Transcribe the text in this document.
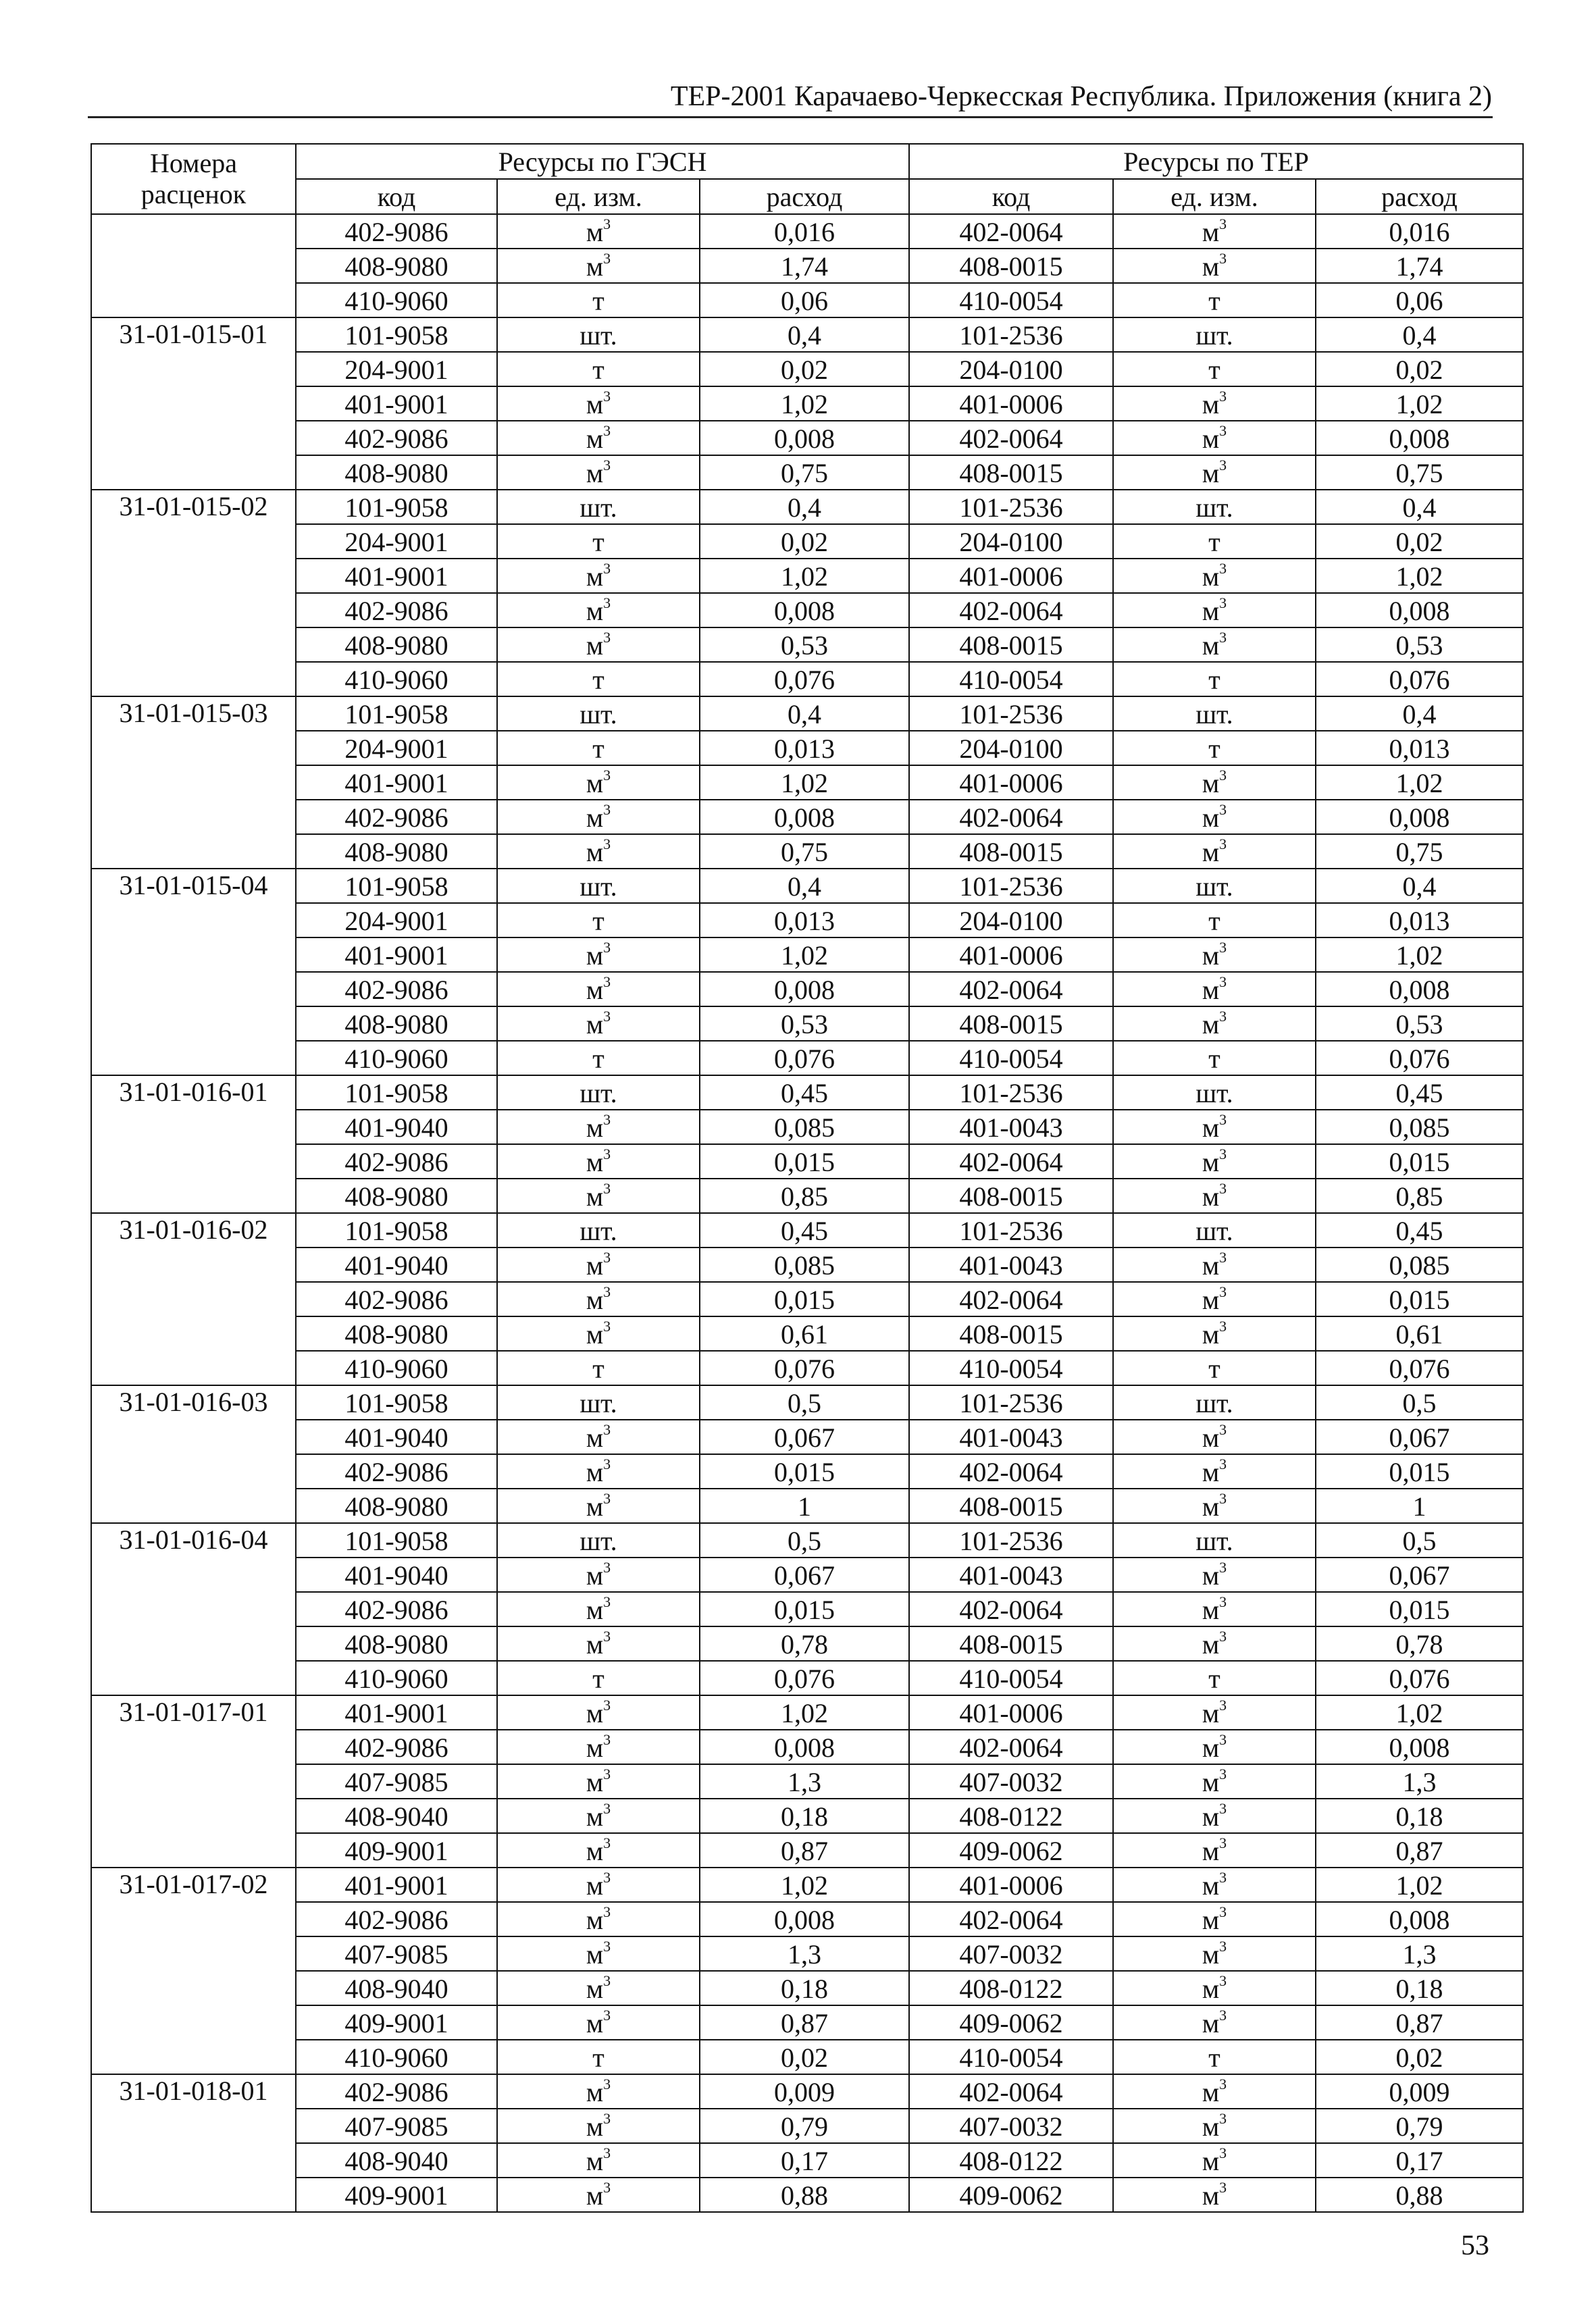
ТЕР-2001 Карачаево-Черкесская Республика. Приложения (книга 2)
Номера
расценок	Ресурсы по ГЭСН			Ресурсы по ТЕР		
	код	ед. изм.	расход	код	ед. изм.	расход
	402-9086	$м^3$	0,016	402-0064	$м^3$	0,016
	408-9080	$м^3$	1,74	408-0015	$м^3$	1,74
	410-9060	т	0,06	410-0054	т	0,06
31-01-015-01	101-9058	шт.	0,4	101-2536	шт.	0,4
	204-9001	т	0,02	204-0100	т	0,02
	401-9001	$м^3$	1,02	401-0006	$м^3$	1,02
	402-9086	$м^3$	0,008	402-0064	$м^3$	0,008
	408-9080	$м^3$	0,75	408-0015	$м^3$	0,75
31-01-015-02	101-9058	шт.	0,4	101-2536	шт.	0,4
	204-9001	т	0,02	204-0100	т	0,02
	401-9001	$м^3$	1,02	401-0006	$м^3$	1,02
	402-9086	$м^3$	0,008	402-0064	$м^3$	0,008
	408-9080	$м^3$	0,53	408-0015	$м^3$	0,53
	410-9060	т	0,076	410-0054	т	0,076
31-01-015-03	101-9058	шт.	0,4	101-2536	шт.	0,4
	204-9001	т	0,013	204-0100	т	0,013
	401-9001	$м^3$	1,02	401-0006	$м^3$	1,02
	402-9086	$м^3$	0,008	402-0064	$м^3$	0,008
	408-9080	$м^3$	0,75	408-0015	$м^3$	0,75
31-01-015-04	101-9058	шт.	0,4	101-2536	шт.	0,4
	204-9001	т	0,013	204-0100	т	0,013
	401-9001	$м^3$	1,02	401-0006	$м^3$	1,02
	402-9086	$м^3$	0,008	402-0064	$м^3$	0,008
	408-9080	$м^3$	0,53	408-0015	$м^3$	0,53
	410-9060	т	0,076	410-0054	т	0,076
31-01-016-01	101-9058	шт.	0,45	101-2536	шт.	0,45
	401-9040	$м^3$	0,085	401-0043	$м^3$	0,085
	402-9086	$м^3$	0,015	402-0064	$м^3$	0,015
	408-9080	$м^3$	0,85	408-0015	$м^3$	0,85
31-01-016-02	101-9058	шт.	0,45	101-2536	шт.	0,45
	401-9040	$м^3$	0,085	401-0043	$м^3$	0,085
	402-9086	$м^3$	0,015	402-0064	$м^3$	0,015
	408-9080	$м^3$	0,61	408-0015	$м^3$	0,61
	410-9060	т	0,076	410-0054	т	0,076
31-01-016-03	101-9058	шт.	0,5	101-2536	шт.	0,5
	401-9040	$м^3$	0,067	401-0043	$м^3$	0,067
	402-9086	$м^3$	0,015	402-0064	$м^3$	0,015
	408-9080	$м^3$	1	408-0015	$м^3$	1
31-01-016-04	101-9058	шт.	0,5	101-2536	шт.	0,5
	401-9040	$м^3$	0,067	401-0043	$м^3$	0,067
	402-9086	$м^3$	0,015	402-0064	$м^3$	0,015
	408-9080	$м^3$	0,78	408-0015	$м^3$	0,78
	410-9060	т	0,076	410-0054	т	0,076
31-01-017-01	401-9001	$м^3$	1,02	401-0006	$м^3$	1,02
	402-9086	$м^3$	0,008	402-0064	$м^3$	0,008
	407-9085	$м^3$	1,3	407-0032	$м^3$	1,3
	408-9040	$м^3$	0,18	408-0122	$м^3$	0,18
	409-9001	$м^3$	0,87	409-0062	$м^3$	0,87
31-01-017-02	401-9001	$м^3$	1,02	401-0006	$м^3$	1,02
	402-9086	$м^3$	0,008	402-0064	$м^3$	0,008
	407-9085	$м^3$	1,3	407-0032	$м^3$	1,3
	408-9040	$м^3$	0,18	408-0122	$м^3$	0,18
	409-9001	$м^3$	0,87	409-0062	$м^3$	0,87
	410-9060	т	0,02	410-0054	т	0,02
31-01-018-01	402-9086	$м^3$	0,009	402-0064	$м^3$	0,009
	407-9085	$м^3$	0,79	407-0032	$м^3$	0,79
	408-9040	$м^3$	0,17	408-0122	$м^3$	0,17
	409-9001	$м^3$	0,88	409-0062	$м^3$	0,88
53
